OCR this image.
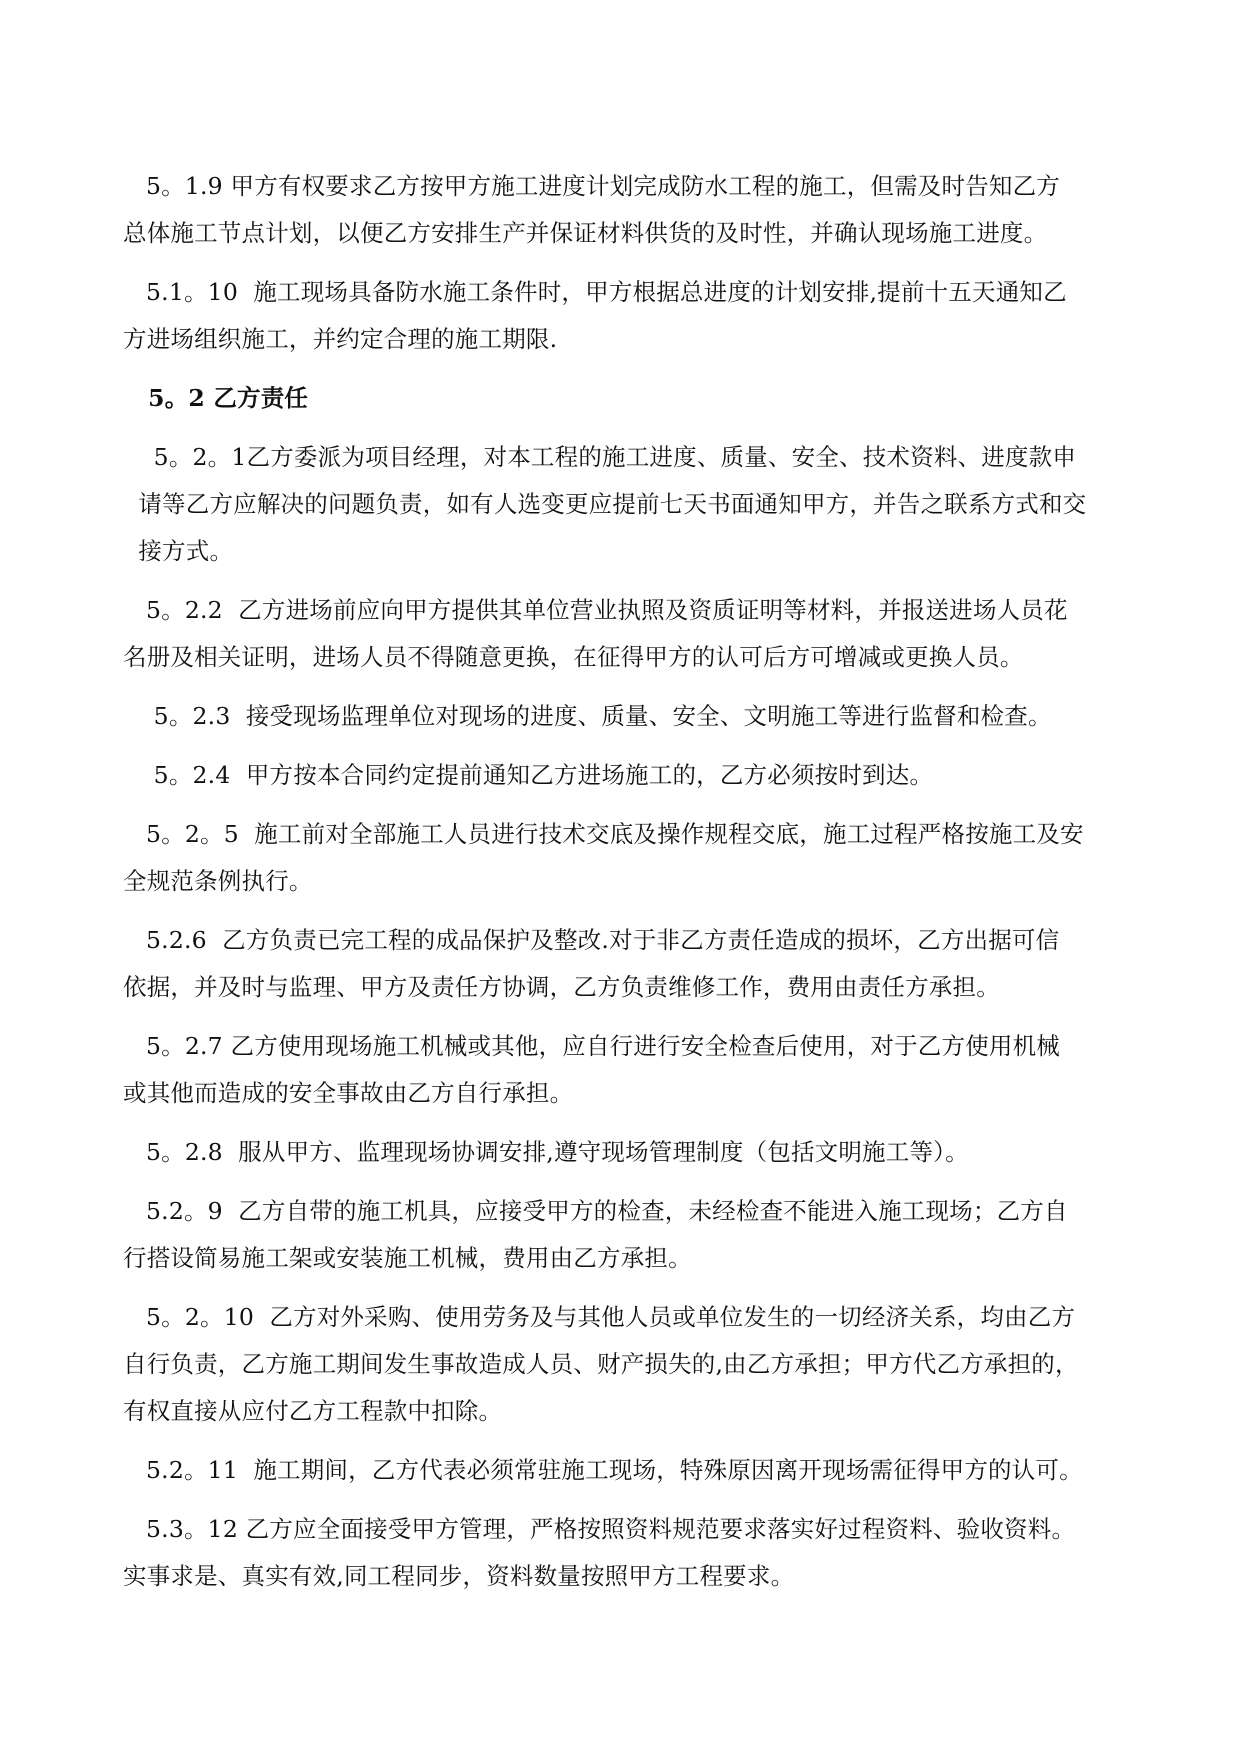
5。1.9 甲方有权要求乙方按甲方施工进度计划完成防水工程的施工，但需及时告知乙方
总体施工节点计划，以便乙方安排生产并保证材料供货的及时性，并确认现场施工进度。
5.1。10  施工现场具备防水施工条件时，甲方根据总进度的计划安排,提前十五天通知乙
方进场组织施工，并约定合理的施工期限.
5。2 乙方责任
5。2。1乙方委派为项目经理，对本工程的施工进度、质量、安全、技术资料、进度款申
请等乙方应解决的问题负责，如有人选变更应提前七天书面通知甲方，并告之联系方式和交
接方式。
5。2.2  乙方进场前应向甲方提供其单位营业执照及资质证明等材料，并报送进场人员花
名册及相关证明，进场人员不得随意更换，在征得甲方的认可后方可增减或更换人员。
5。2.3  接受现场监理单位对现场的进度、质量、安全、文明施工等进行监督和检查。
5。2.4  甲方按本合同约定提前通知乙方进场施工的，乙方必须按时到达。
5。2。5  施工前对全部施工人员进行技术交底及操作规程交底，施工过程严格按施工及安
全规范条例执行。
5.2.6  乙方负责已完工程的成品保护及整改.对于非乙方责任造成的损坏，乙方出据可信
依据，并及时与监理、甲方及责任方协调，乙方负责维修工作，费用由责任方承担。
5。2.7 乙方使用现场施工机械或其他，应自行进行安全检查后使用，对于乙方使用机械
或其他而造成的安全事故由乙方自行承担。
5。2.8  服从甲方、监理现场协调安排,遵守现场管理制度（包括文明施工等）。
5.2。9  乙方自带的施工机具，应接受甲方的检查，未经检查不能进入施工现场；乙方自
行搭设简易施工架或安装施工机械，费用由乙方承担。
5。2。10  乙方对外采购、使用劳务及与其他人员或单位发生的一切经济关系，均由乙方
自行负责，乙方施工期间发生事故造成人员、财产损失的,由乙方承担；甲方代乙方承担的，
有权直接从应付乙方工程款中扣除。
5.2。11  施工期间，乙方代表必须常驻施工现场，特殊原因离开现场需征得甲方的认可。
5.3。12 乙方应全面接受甲方管理，严格按照资料规范要求落实好过程资料、验收资料。
实事求是、真实有效,同工程同步，资料数量按照甲方工程要求。
